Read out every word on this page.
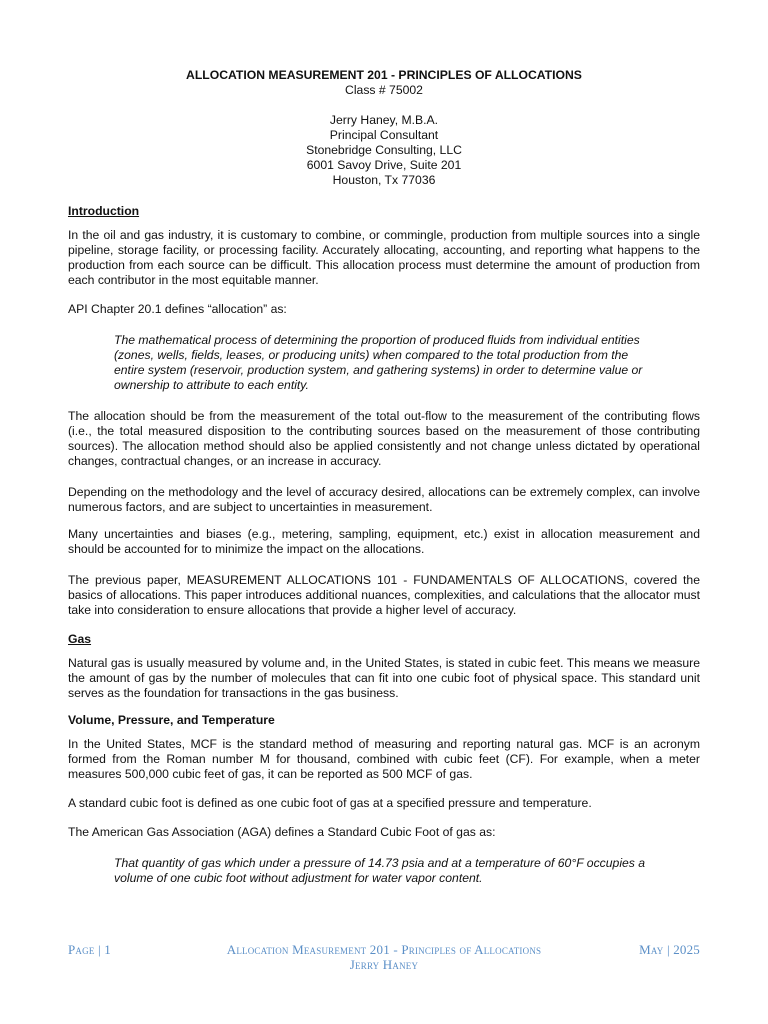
ALLOCATION MEASUREMENT 201 - PRINCIPLES OF ALLOCATIONS
Class # 75002
Jerry Haney, M.B.A.
Principal Consultant
Stonebridge Consulting, LLC
6001 Savoy Drive, Suite 201
Houston, Tx 77036
Introduction

In the oil and gas industry, it is customary to combine, or commingle, production from multiple sources into a single pipeline, storage facility, or processing facility. Accurately allocating, accounting, and reporting what happens to the production from each source can be difficult. This allocation process must determine the amount of production from each contributor in the most equitable manner.

API Chapter 20.1 defines “allocation” as:

The mathematical process of determining the proportion of produced fluids from individual entities (zones, wells, fields, leases, or producing units) when compared to the total production from the entire system (reservoir, production system, and gathering systems) in order to determine value or ownership to attribute to each entity.

The allocation should be from the measurement of the total out-flow to the measurement of the contributing flows (i.e., the total measured disposition to the contributing sources based on the measurement of those contributing sources). The allocation method should also be applied consistently and not change unless dictated by operational changes, contractual changes, or an increase in accuracy.

Depending on the methodology and the level of accuracy desired, allocations can be extremely complex, can involve numerous factors, and are subject to uncertainties in measurement.

Many uncertainties and biases (e.g., metering, sampling, equipment, etc.) exist in allocation measurement and should be accounted for to minimize the impact on the allocations.

The previous paper, MEASUREMENT ALLOCATIONS 101 - FUNDAMENTALS OF ALLOCATIONS, covered the basics of allocations. This paper introduces additional nuances, complexities, and calculations that the allocator must take into consideration to ensure allocations that provide a higher level of accuracy.

Gas

Natural gas is usually measured by volume and, in the United States, is stated in cubic feet. This means we measure the amount of gas by the number of molecules that can fit into one cubic foot of physical space. This standard unit serves as the foundation for transactions in the gas business.

Volume, Pressure, and Temperature

In the United States, MCF is the standard method of measuring and reporting natural gas. MCF is an acronym formed from the Roman number M for thousand, combined with cubic feet (CF). For example, when a meter measures 500,000 cubic feet of gas, it can be reported as 500 MCF of gas.

A standard cubic foot is defined as one cubic foot of gas at a specified pressure and temperature.

The American Gas Association (AGA) defines a Standard Cubic Foot of gas as:

That quantity of gas which under a pressure of 14.73 psia and at a temperature of 60°F occupies a volume of one cubic foot without adjustment for water vapor content.

Page | 1	Allocation Measurement 201 - Principles of Allocations
Jerry Haney
May | 2025
